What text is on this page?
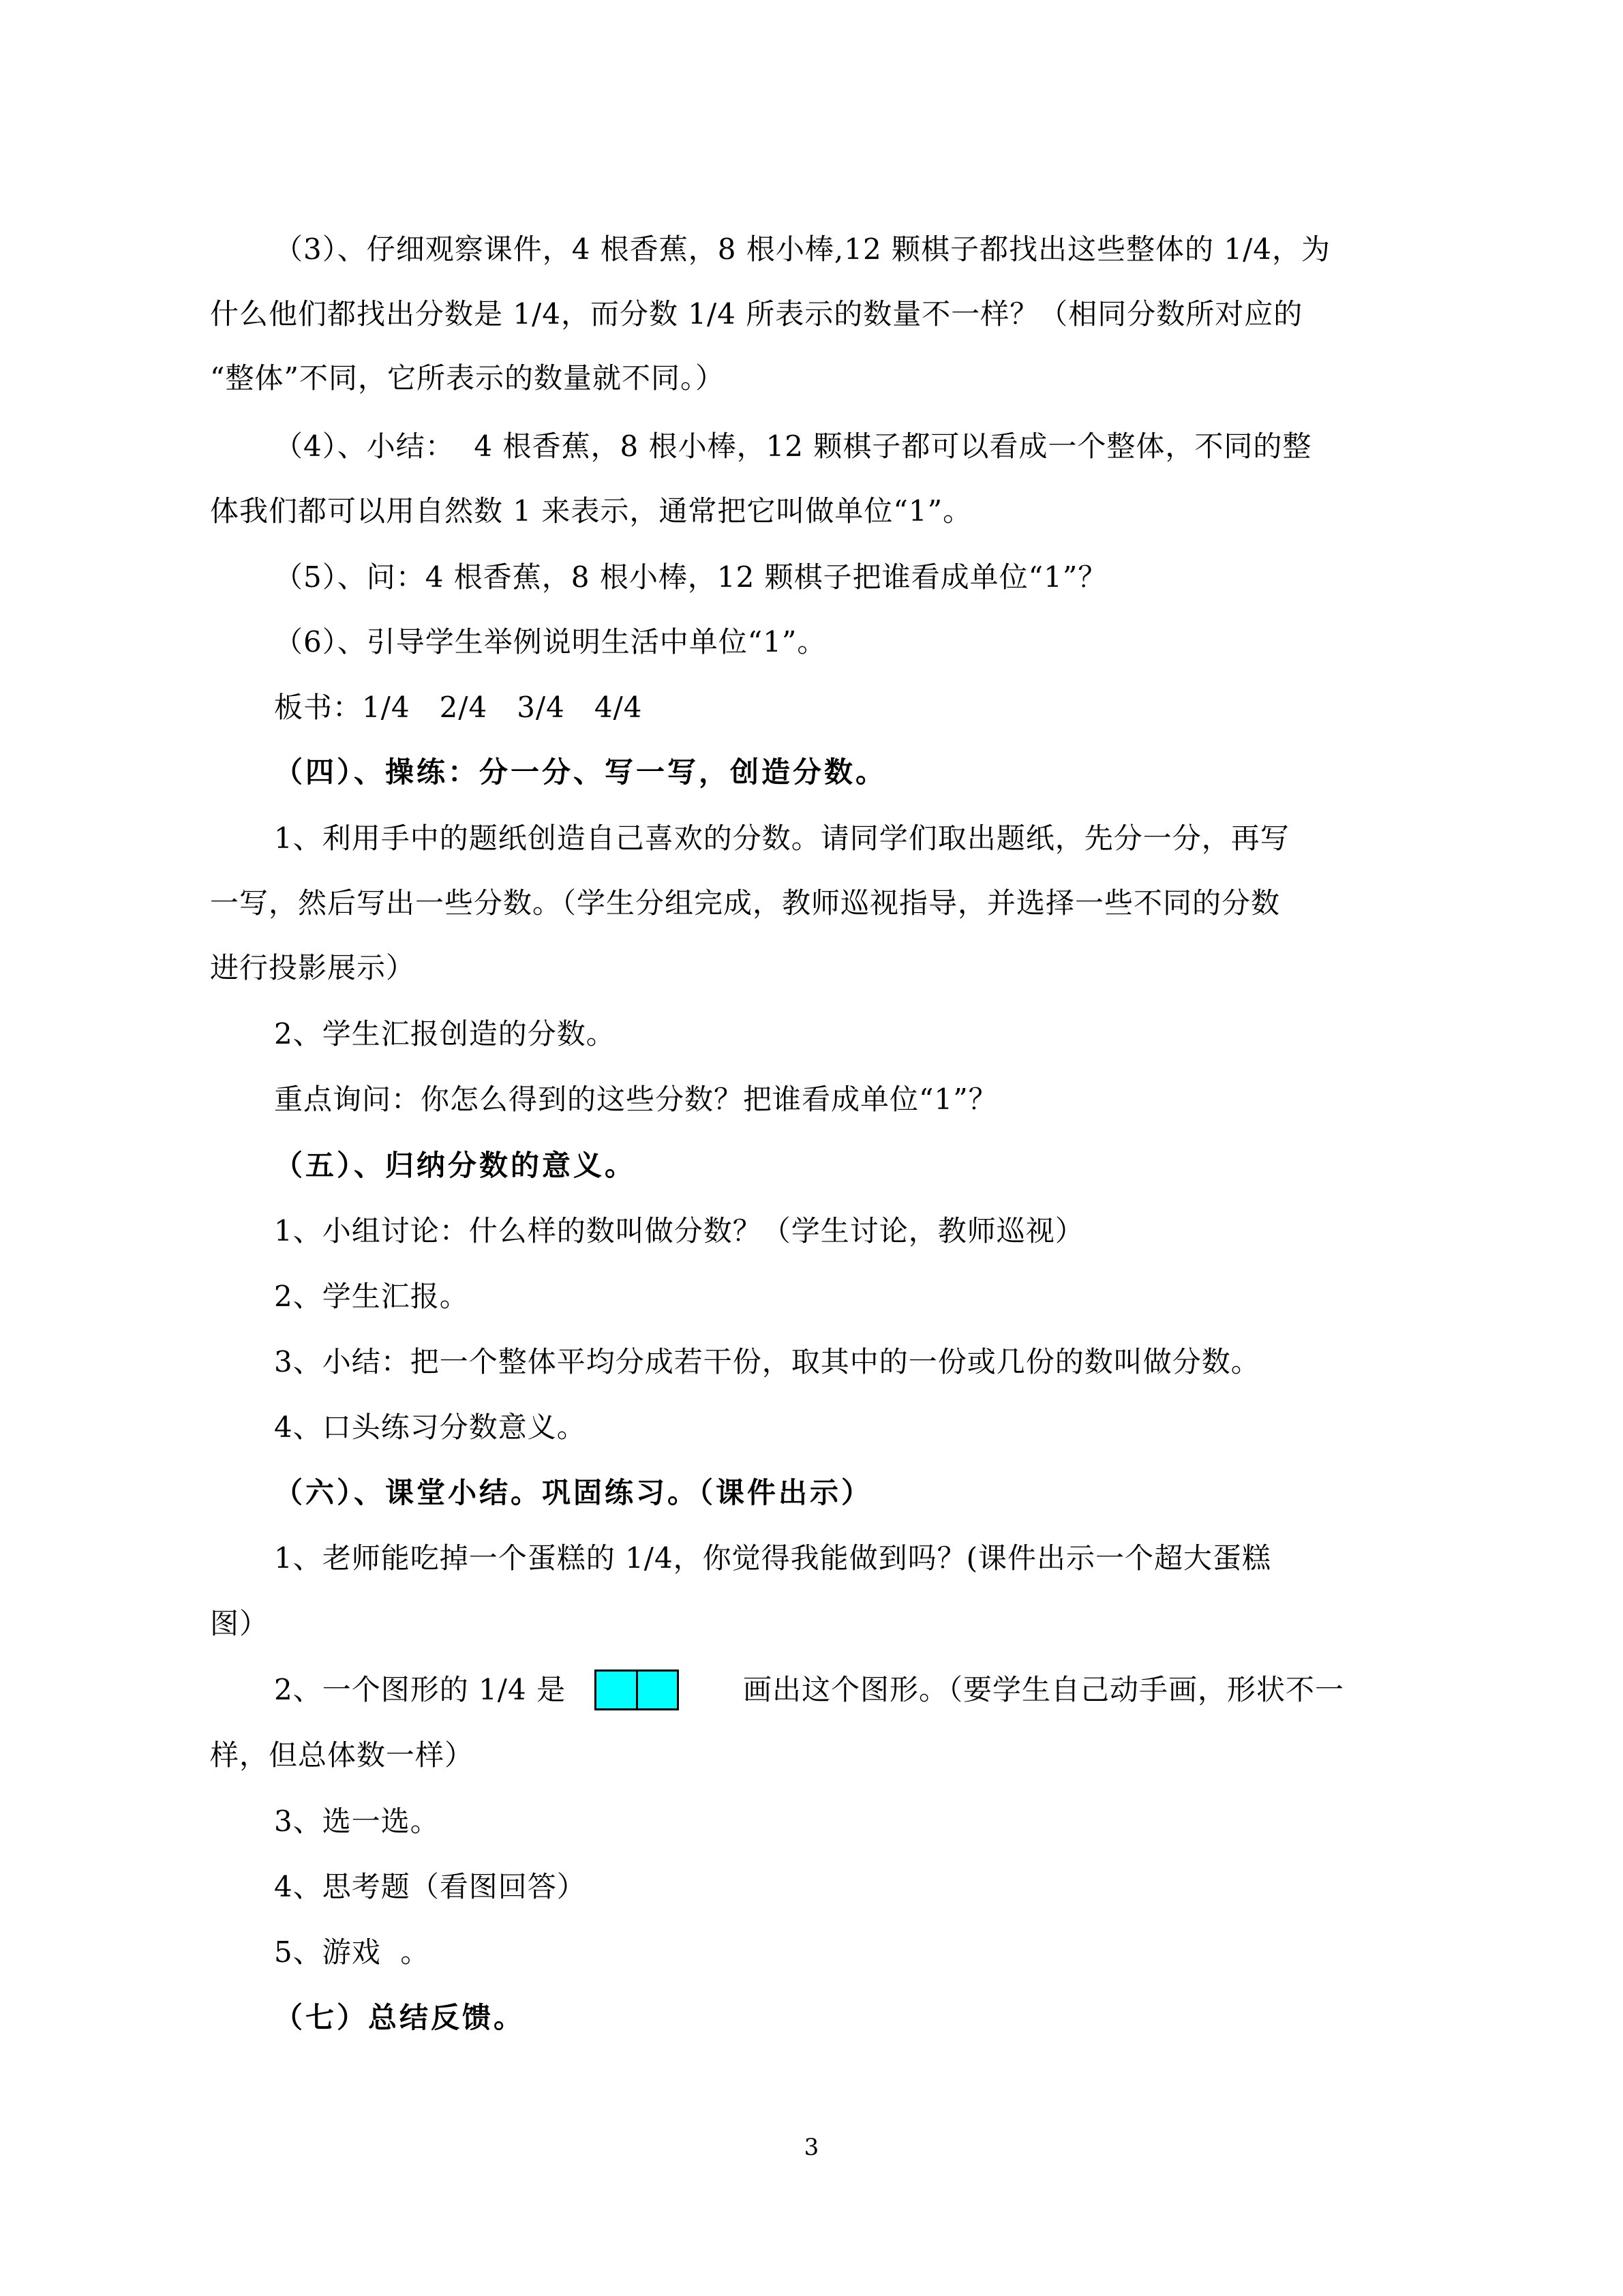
（3）、仔细观察课件，4 根香蕉，8 根小棒,12 颗棋子都找出这些整体的 1/4，为
什么他们都找出分数是 1/4，而分数 1/4 所表示的数量不一样？（相同分数所对应的
“整体”不同，它所表示的数量就不同。）
（4）、小结：  4 根香蕉，8 根小棒，12 颗棋子都可以看成一个整体，不同的整
体我们都可以用自然数 1 来表示，通常把它叫做单位“1”。
（5）、问：4 根香蕉，8 根小棒，12 颗棋子把谁看成单位“1”？
（6）、引导学生举例说明生活中单位“1”。
板书：1/4   2/4   3/4   4/4
（四）、操练：分一分、写一写，创造分数。
1、利用手中的题纸创造自己喜欢的分数。请同学们取出题纸，先分一分，再写
一写，然后写出一些分数。（学生分组完成，教师巡视指导，并选择一些不同的分数
进行投影展示）
2、学生汇报创造的分数。
重点询问：你怎么得到的这些分数？把谁看成单位“1”？
（五）、归纳分数的意义。
1、小组讨论：什么样的数叫做分数？（学生讨论，教师巡视）
2、学生汇报。
3、小结：把一个整体平均分成若干份，取其中的一份或几份的数叫做分数。
4、口头练习分数意义。
（六）、课堂小结。巩固练习。（课件出示）
1、老师能吃掉一个蛋糕的 1/4，你觉得我能做到吗？(课件出示一个超大蛋糕
图）
2、一个图形的 1/4 是	画出这个图形。（要学生自己动手画，形状不一
样，但总体数一样）
3、选一选。
4、思考题（看图回答）
5、游戏  。
（七）总结反馈。
3
